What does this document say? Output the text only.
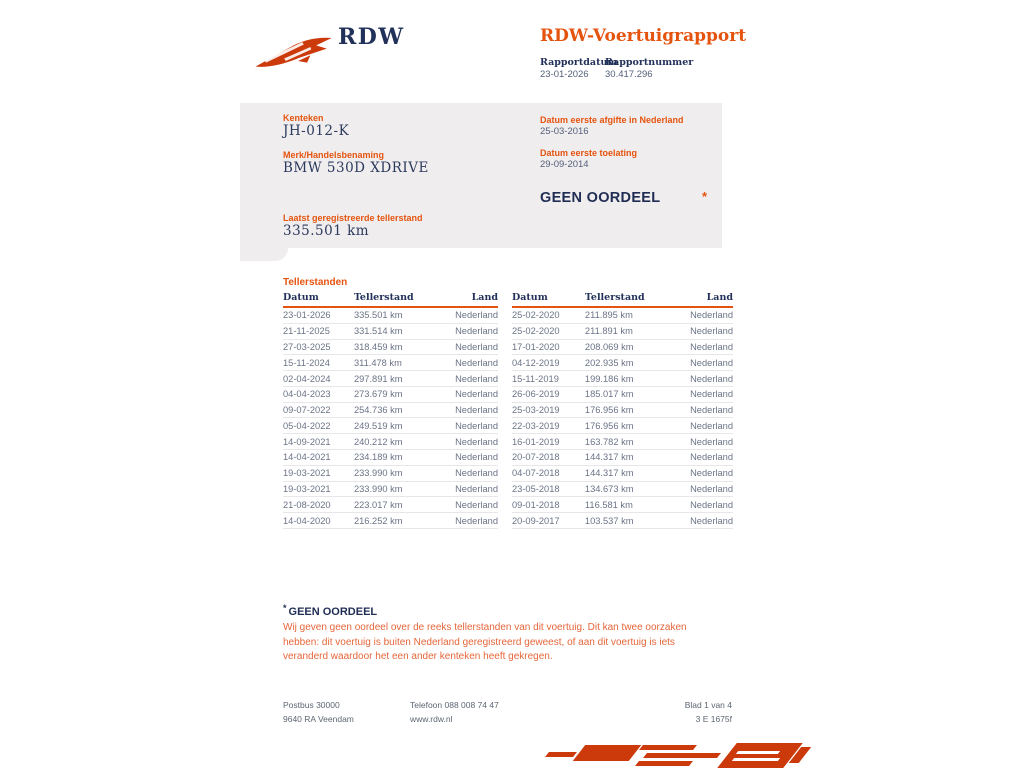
RDW	RDW-Voertuigrapport
Rapportdatum
Rapportnummer
23-01-2026 30.417.296
Kenteken
JH-012-K
Merk/Handelsbenaming
BMW 530D XDRIVE
Laatst geregistreerde tellerstand
335.501 km
Datum eerste afgifte in Nederland
25-03-2016
Datum eerste toelating
29-09-2014
GEEN OORDEEL	*
Tellerstanden
Datum	Tellerstand	Land
23-01-2026	335.501 km	Nederland
21-11-2025	331.514 km	Nederland
27-03-2025	318.459 km	Nederland
15-11-2024	311.478 km	Nederland
02-04-2024	297.891 km	Nederland
04-04-2023	273.679 km	Nederland
09-07-2022	254.736 km	Nederland
05-04-2022	249.519 km	Nederland
14-09-2021	240.212 km	Nederland
14-04-2021	234.189 km	Nederland
19-03-2021	233.990 km	Nederland
19-03-2021	233.990 km	Nederland
21-08-2020	223.017 km	Nederland
14-04-2020	216.252 km	Nederland
Datum	Tellerstand	Land
25-02-2020	211.895 km	Nederland
25-02-2020	211.891 km	Nederland
17-01-2020	208.069 km	Nederland
04-12-2019	202.935 km	Nederland
15-11-2019	199.186 km	Nederland
26-06-2019	185.017 km	Nederland
25-03-2019	176.956 km	Nederland
22-03-2019	176.956 km	Nederland
16-01-2019	163.782 km	Nederland
20-07-2018	144.317 km	Nederland
04-07-2018	144.317 km	Nederland
23-05-2018	134.673 km	Nederland
09-01-2018	116.581 km	Nederland
20-09-2017	103.537 km	Nederland
* GEEN OORDEEL
Wij geven geen oordeel over de reeks tellerstanden van dit voertuig. Dit kan twee oorzaken hebben: dit voertuig is buiten Nederland geregistreerd geweest, of aan dit voertuig is iets veranderd waardoor het een ander kenteken heeft gekregen.
Postbus 30000
9640 RA Veendam
Telefoon 088 008 74 47
www.rdw.nl
Blad 1 van 4
3 E 1675f
